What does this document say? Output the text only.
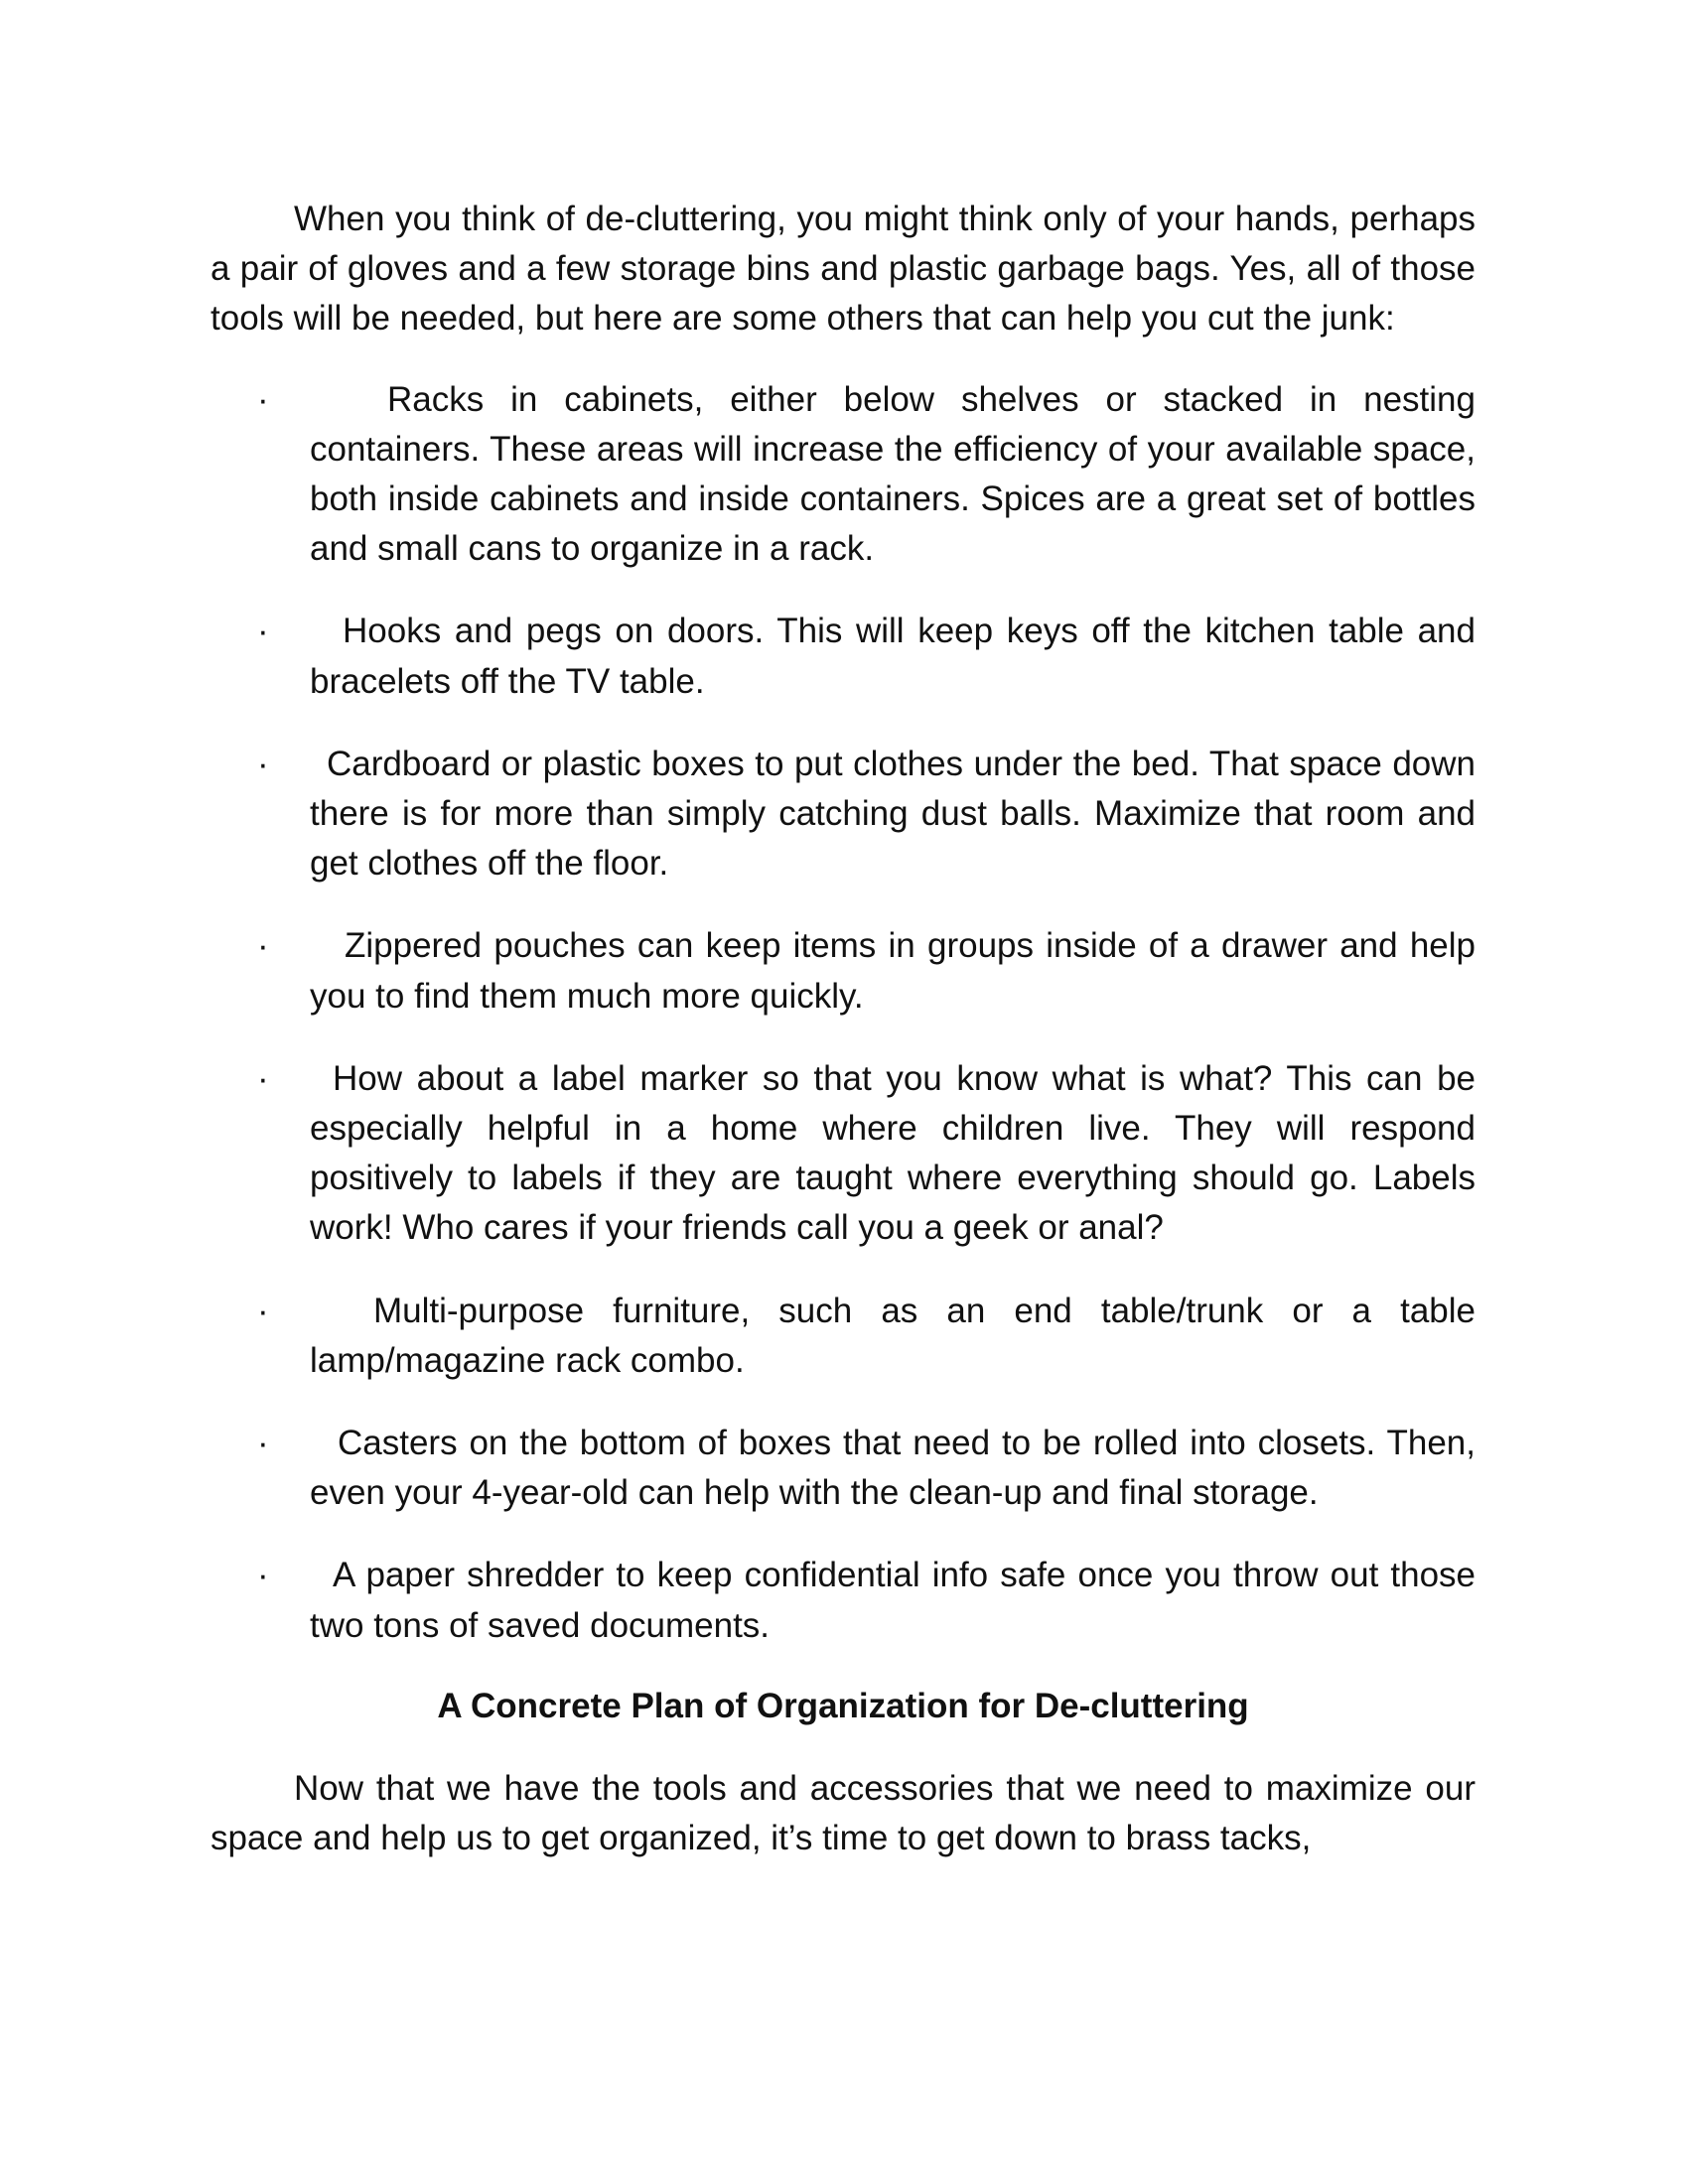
When you think of de-cluttering, you might think only of your hands, perhaps a pair of gloves and a few storage bins and plastic garbage bags. Yes, all of those tools will be needed, but here are some others that can help you cut the junk:

·	Racks in cabinets, either below shelves or stacked in nesting containers. These areas will increase the efficiency of your available space, both inside cabinets and inside containers. Spices are a great set of bottles and small cans to organize in a rack.
·	Hooks and pegs on doors. This will keep keys off the kitchen table and bracelets off the TV table.
·	Cardboard or plastic boxes to put clothes under the bed. That space down there is for more than simply catching dust balls. Maximize that room and get clothes off the floor.
·	Zippered pouches can keep items in groups inside of a drawer and help you to find them much more quickly.
·	How about a label marker so that you know what is what? This can be especially helpful in a home where children live. They will respond positively to labels if they are taught where everything should go. Labels work! Who cares if your friends call you a geek or anal?
·	Multi-purpose furniture, such as an end table/trunk or a table lamp/magazine rack combo.
·	Casters on the bottom of boxes that need to be rolled into closets. Then, even your 4-year-old can help with the clean-up and final storage.
·	A paper shredder to keep confidential info safe once you throw out those two tons of saved documents.
A Concrete Plan of Organization for De-cluttering

Now that we have the tools and accessories that we need to maximize our space and help us to get organized, it’s time to get down to brass tacks,
